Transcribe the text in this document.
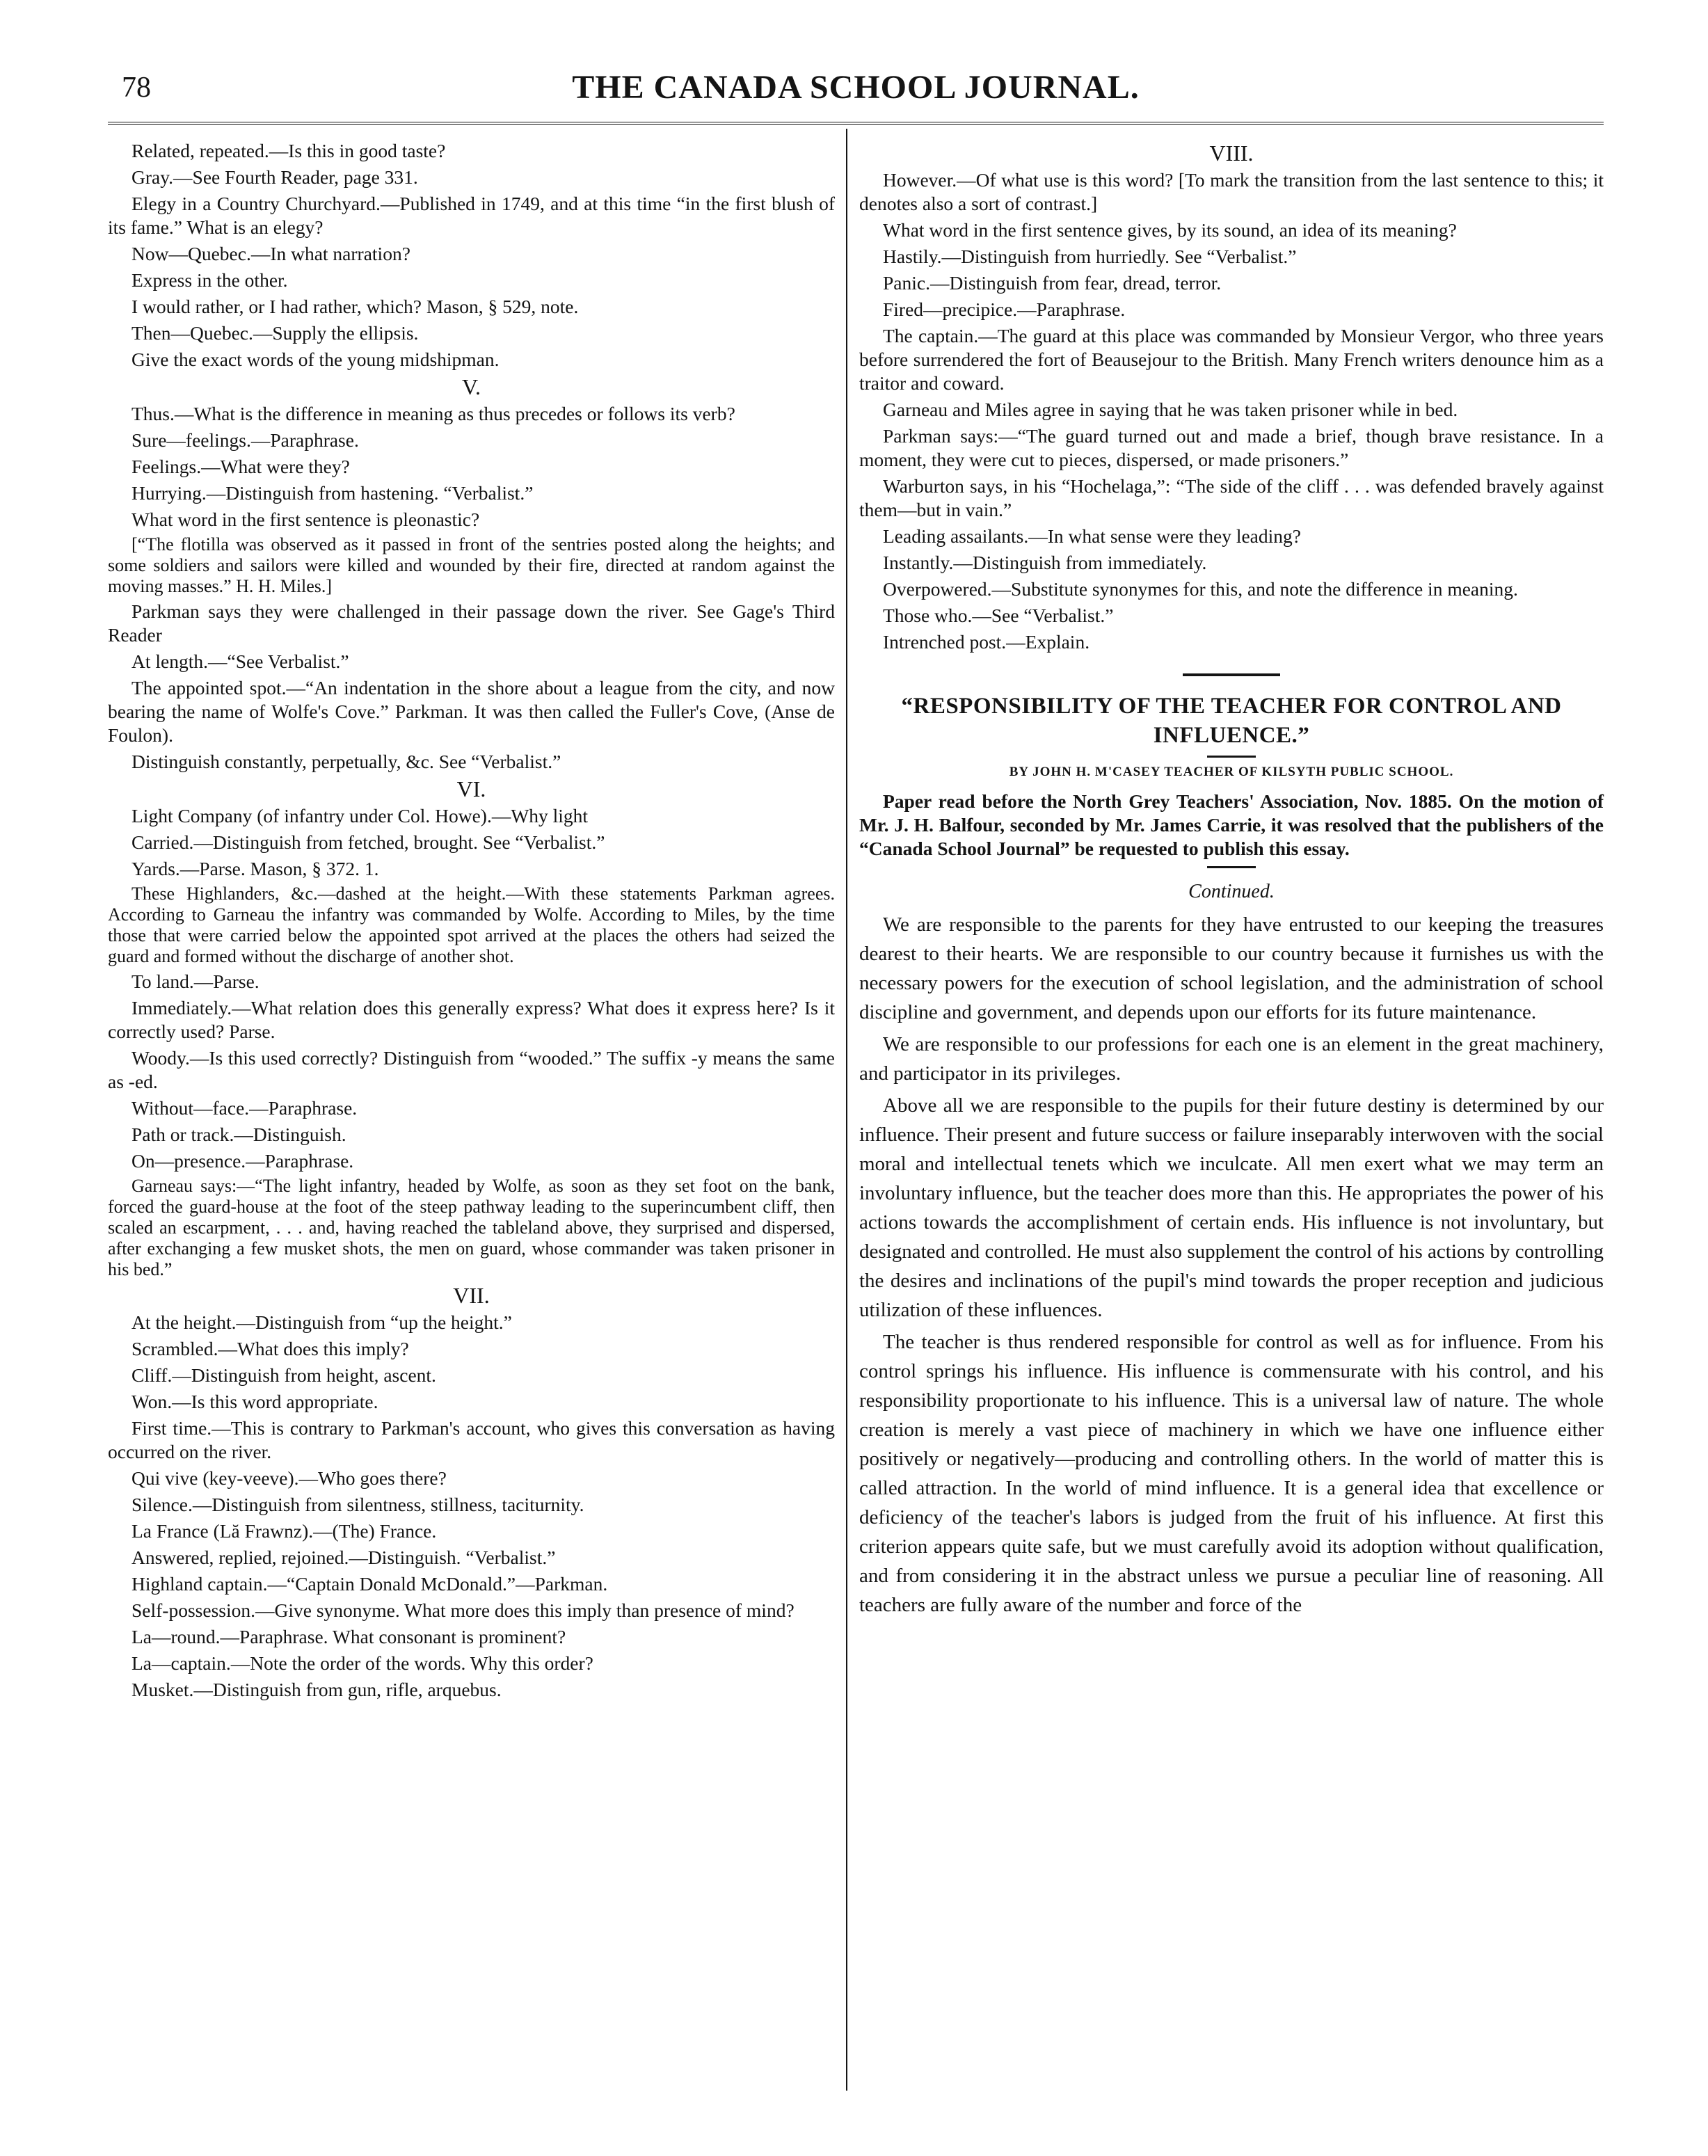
78	THE CANADA SCHOOL JOURNAL.

Related, repeated.—Is this in good taste?

Gray.—See Fourth Reader, page 331.

Elegy in a Country Churchyard.—Published in 1749, and at this time “in the first blush of its fame.” What is an elegy?

Now—Quebec.—In what narration?

Express in the other.

I would rather, or I had rather, which? Mason, § 529, note.

Then—Quebec.—Supply the ellipsis.

Give the exact words of the young midshipman.

V.

Thus.—What is the difference in meaning as thus precedes or follows its verb?

Sure—feelings.—Paraphrase.

Feelings.—What were they?

Hurrying.—Distinguish from hastening. “Verbalist.”

What word in the first sentence is pleonastic?

[“The flotilla was observed as it passed in front of the sentries posted along the heights; and some soldiers and sailors were killed and wounded by their fire, directed at random against the moving masses.” H. H. Miles.]

Parkman says they were challenged in their passage down the river. See Gage's Third Reader

At length.—“See Verbalist.”

The appointed spot.—“An indentation in the shore about a league from the city, and now bearing the name of Wolfe's Cove.” Parkman. It was then called the Fuller's Cove, (Anse de Foulon).

Distinguish constantly, perpetually, &c. See “Verbalist.”

VI.

Light Company (of infantry under Col. Howe).—Why light

Carried.—Distinguish from fetched, brought. See “Verbalist.”

Yards.—Parse. Mason, § 372. 1.

These Highlanders, &c.—dashed at the height.—With these statements Parkman agrees. According to Garneau the infantry was commanded by Wolfe. According to Miles, by the time those that were carried below the appointed spot arrived at the places the others had seized the guard and formed without the discharge of another shot.

To land.—Parse.

Immediately.—What relation does this generally express? What does it express here? Is it correctly used? Parse.

Woody.—Is this used correctly? Distinguish from “wooded.” The suffix -y means the same as -ed.

Without—face.—Paraphrase.

Path or track.—Distinguish.

On—presence.—Paraphrase.

Garneau says:—“The light infantry, headed by Wolfe, as soon as they set foot on the bank, forced the guard-house at the foot of the steep pathway leading to the superincumbent cliff, then scaled an escarpment, . . . and, having reached the tableland above, they surprised and dispersed, after exchanging a few musket shots, the men on guard, whose commander was taken prisoner in his bed.”

VII.

At the height.—Distinguish from “up the height.”

Scrambled.—What does this imply?

Cliff.—Distinguish from height, ascent.

Won.—Is this word appropriate.

First time.—This is contrary to Parkman's account, who gives this conversation as having occurred on the river.

Qui vive (key-veeve).—Who goes there?

Silence.—Distinguish from silentness, stillness, taciturnity.

La France (Lă Frawnz).—(The) France.

Answered, replied, rejoined.—Distinguish. “Verbalist.”

Highland captain.—“Captain Donald McDonald.”—Parkman.

Self-possession.—Give synonyme. What more does this imply than presence of mind?

La—round.—Paraphrase. What consonant is prominent?

La—captain.—Note the order of the words. Why this order?

Musket.—Distinguish from gun, rifle, arquebus.

VIII.

However.—Of what use is this word? [To mark the transition from the last sentence to this; it denotes also a sort of contrast.]

What word in the first sentence gives, by its sound, an idea of its meaning?

Hastily.—Distinguish from hurriedly. See “Verbalist.”

Panic.—Distinguish from fear, dread, terror.

Fired—precipice.—Paraphrase.

The captain.—The guard at this place was commanded by Monsieur Vergor, who three years before surrendered the fort of Beausejour to the British. Many French writers denounce him as a traitor and coward.

Garneau and Miles agree in saying that he was taken prisoner while in bed.

Parkman says:—“The guard turned out and made a brief, though brave resistance. In a moment, they were cut to pieces, dispersed, or made prisoners.”

Warburton says, in his “Hochelaga,”: “The side of the cliff . . . was defended bravely against them—but in vain.”

Leading assailants.—In what sense were they leading?

Instantly.—Distinguish from immediately.

Overpowered.—Substitute synonymes for this, and note the difference in meaning.

Those who.—See “Verbalist.”

Intrenched post.—Explain.

“RESPONSIBILITY OF THE TEACHER FOR CONTROL AND INFLUENCE.”
BY JOHN H. M'CASEY TEACHER OF KILSYTH PUBLIC SCHOOL.

Paper read before the North Grey Teachers' Association, Nov. 1885. On the motion of Mr. J. H. Balfour, seconded by Mr. James Carrie, it was resolved that the publishers of the “Canada School Journal” be requested to publish this essay.

Continued.

We are responsible to the parents for they have entrusted to our keeping the treasures dearest to their hearts. We are responsible to our country because it furnishes us with the necessary powers for the execution of school legislation, and the administration of school discipline and government, and depends upon our efforts for its future maintenance.

We are responsible to our professions for each one is an element in the great machinery, and participator in its privileges.

Above all we are responsible to the pupils for their future destiny is determined by our influence. Their present and future success or failure inseparably interwoven with the social moral and intellectual tenets which we inculcate. All men exert what we may term an involuntary influence, but the teacher does more than this. He appropriates the power of his actions towards the accomplishment of certain ends. His influence is not involuntary, but designated and controlled. He must also supplement the control of his actions by controlling the desires and inclinations of the pupil's mind towards the proper reception and judicious utilization of these influences.

The teacher is thus rendered responsible for control as well as for influence. From his control springs his influence. His influence is commensurate with his control, and his responsibility proportionate to his influence. This is a universal law of nature. The whole creation is merely a vast piece of machinery in which we have one influence either positively or negatively—producing and controlling others. In the world of matter this is called attraction. In the world of mind influence. It is a general idea that excellence or deficiency of the teacher's labors is judged from the fruit of his influence. At first this criterion appears quite safe, but we must carefully avoid its adoption without qualification, and from considering it in the abstract unless we pursue a peculiar line of reasoning. All teachers are fully aware of the number and force of the
